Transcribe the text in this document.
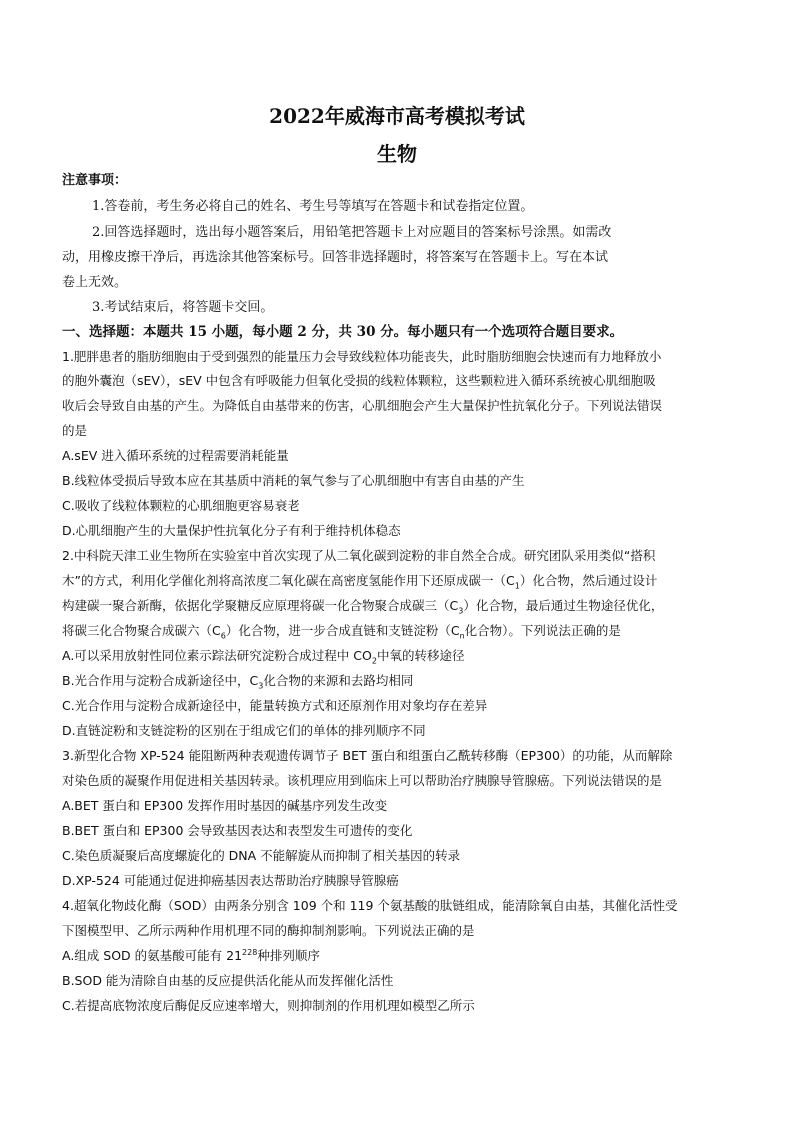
2022年威海市高考模拟考试
生物
注意事项：
1.答卷前，考生务必将自己的姓名、考生号等填写在答题卡和试卷指定位置。
2.回答选择题时，选出每小题答案后，用铅笔把答题卡上对应题目的答案标号涂黑。如需改
动，用橡皮擦干净后，再选涂其他答案标号。回答非选择题时，将答案写在答题卡上。写在本试
卷上无效。
3.考试结束后，将答题卡交回。
一、选择题：本题共 15 小题，每小题 2 分，共 30 分。每小题只有一个选项符合题目要求。
1.肥胖患者的脂肪细胞由于受到强烈的能量压力会导致线粒体功能丧失，此时脂肪细胞会快速而有力地释放小
的胞外囊泡（sEV），sEV 中包含有呼吸能力但氧化受损的线粒体颗粒，这些颗粒进入循环系统被心肌细胞吸
收后会导致自由基的产生。为降低自由基带来的伤害，心肌细胞会产生大量保护性抗氧化分子。下列说法错误
的是
A.sEV 进入循环系统的过程需要消耗能量
B.线粒体受损后导致本应在其基质中消耗的氧气参与了心肌细胞中有害自由基的产生
C.吸收了线粒体颗粒的心肌细胞更容易衰老
D.心肌细胞产生的大量保护性抗氧化分子有利于维持机体稳态
2.中科院天津工业生物所在实验室中首次实现了从二氧化碳到淀粉的非自然全合成。研究团队采用类似“搭积
木”的方式，利用化学催化剂将高浓度二氧化碳在高密度氢能作用下还原成碳一$(C_1)$化合物，然后通过设计
构建碳一聚合新酶，依据化学聚糖反应原理将碳一化合物聚合成碳三$(C_3)$化合物，最后通过生物途径优化，
将碳三化合物聚合成碳六$(C_6)$化合物，进一步合成直链和支链淀粉（$C_n$化合物）。下列说法正确的是
A.可以采用放射性同位素示踪法研究淀粉合成过程中 $CO_2$中氧的转移途径
B.光合作用与淀粉合成新途径中，$C_3$化合物的来源和去路均相同
C.光合作用与淀粉合成新途径中，能量转换方式和还原剂作用对象均存在差异
D.直链淀粉和支链淀粉的区别在于组成它们的单体的排列顺序不同
3.新型化合物 XP-524 能阻断两种表观遗传调节子 BET 蛋白和组蛋白乙酰转移酶（EP300）的功能，从而解除
对染色质的凝聚作用促进相关基因转录。该机理应用到临床上可以帮助治疗胰腺导管腺癌。下列说法错误的是
A.BET 蛋白和 EP300 发挥作用时基因的碱基序列发生改变
B.BET 蛋白和 EP300 会导致基因表达和表型发生可遗传的变化
C.染色质凝聚后高度螺旋化的 DNA 不能解旋从而抑制了相关基因的转录
D.XP-524 可能通过促进抑癌基因表达帮助治疗胰腺导管腺癌
4.超氧化物歧化酶（SOD）由两条分别含 109 个和 119 个氨基酸的肽链组成，能清除氧自由基，其催化活性受
下图模型甲、乙所示两种作用机理不同的酶抑制剂影响。下列说法正确的是
A.组成 SOD 的氨基酸可能有 $21^{228}$种排列顺序
B.SOD 能为清除自由基的反应提供活化能从而发挥催化活性
C.若提高底物浓度后酶促反应速率增大，则抑制剂的作用机理如模型乙所示
